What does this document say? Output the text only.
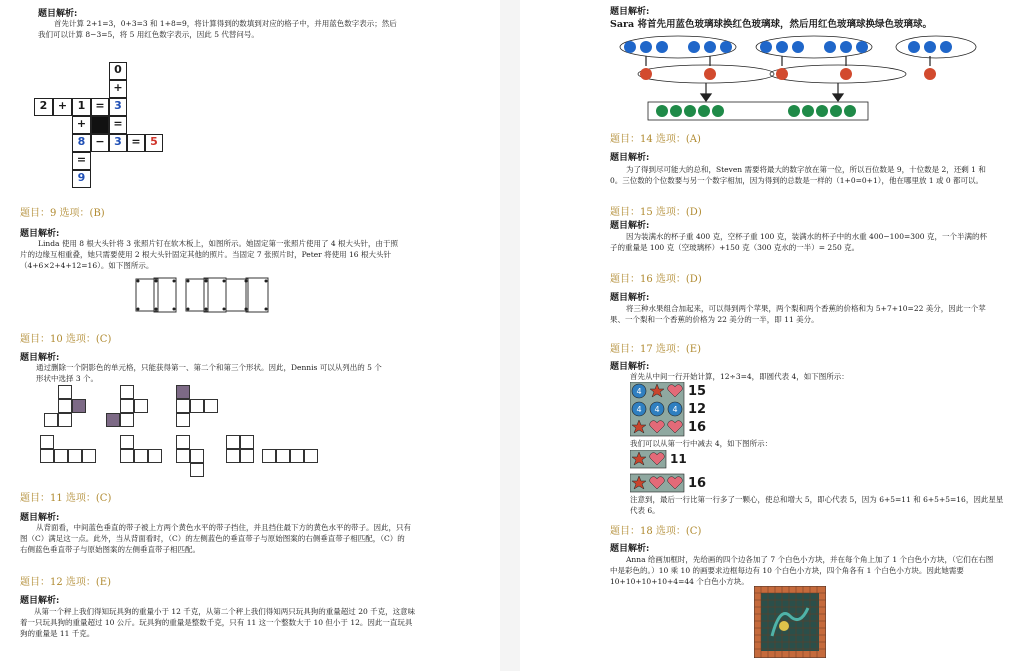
题目解析:
首先计算 2+1=3，0+3=3 和 1+8=9，将计算得到的数填到对应的格子中，并用蓝色数字表示；然后我们可以计算 8−3=5，将 5 用红色数字表示，因此 5 代替问号。
0
+
2 + 1 = 3
+	=
8 − 3 = 5
=
9
题目：9 选项：(B)
题目解析:
Linda 使用 8 根大头针将 3 张照片钉在软木板上，如图所示。她固定第一张照片使用了 4 根大头针，由于照片的边缘互相重叠，她只需要使用 2 根大头针固定其他的照片。当固定 7 张照片时，Peter 将使用 16 根大头针（4+6×2+4+12=16）。如下图所示。
题目：10 选项：(C)
题目解析:
通过删除一个阴影色的单元格，只能获得第一、第二个和第三个形状。因此，Dennis 可以从列出的 5 个形状中选择 3 个。
题目：11 选项：(C)
题目解析:
从背面看，中间蓝色垂直的带子被上方两个黄色水平的带子挡住，并且挡住最下方的黄色水平的带子。因此，只有图（C）满足这一点。此外，当从背面看时，（C）的左侧蓝色的垂直带子与原始图案的右侧垂直带子相匹配，（C）的右侧蓝色垂直带子与原始图案的左侧垂直带子相匹配。
题目：12 选项：(E)
题目解析:
从第一个秤上我们得知玩具狗的重量小于 12 千克，从第二个秤上我们得知两只玩具狗的重量超过 20 千克，这意味着一只玩具狗的重量超过 10 公斤。玩具狗的重量是整数千克，只有 11 这一个整数大于 10 但小于 12。因此一直玩具狗的重量是 11 千克。
题目解析:
Sara 将首先用蓝色玻璃球换红色玻璃球，然后用红色玻璃球换绿色玻璃球。
题目：14 选项：(A)
题目解析:
为了得到尽可能大的总和，Steven 需要将最大的数字放在第一位，所以百位数是 9，十位数是 2，还剩 1 和 0。三位数的个位数要与另一个数字相加，因为得到的总数是一样的（1+0=0+1），他在哪里放 1 或 0 都可以。
题目：15 选项：(D)
题目解析:
因为装满水的杯子重 400 克，空杯子重 100 克，装满水的杯子中的水重 400−100=300 克，一个半满的杯子的重量是 100 克（空玻璃杯）+150 克（300 克水的一半）= 250 克。
题目：16 选项：(D)
题目解析:
将三种水果组合加起来，可以得到两个苹果，两个梨和两个香蕉的价格和为 5+7+10=22 美分，因此一个苹果、一个梨和一个香蕉的价格为 22 美分的一半，即 11 美分。
题目：17 选项：(E)
题目解析:
首先从中间一行开始计算，12÷3=4，即圆代表 4，如下图所示：
4
4 4 4
15
12
16
我们可以从第一行中减去 4，如下图所示：
11
16
注意到，最后一行比第一行多了一颗心，使总和增大 5，即心代表 5，因为 6+5=11 和 6+5+5=16，因此星星代表 6。
题目：18 选项：(C)
题目解析:
Anna 给画加框时，先给画的四个边各加了 7 个白色小方块，并在每个角上加了 1 个白色小方块，（它们在右图中是彩色的。）10 乘 10 的画要求边框每边有 10 个白色小方块，四个角各有 1 个白色小方块。因此她需要 10+10+10+10+4=44 个白色小方块。
